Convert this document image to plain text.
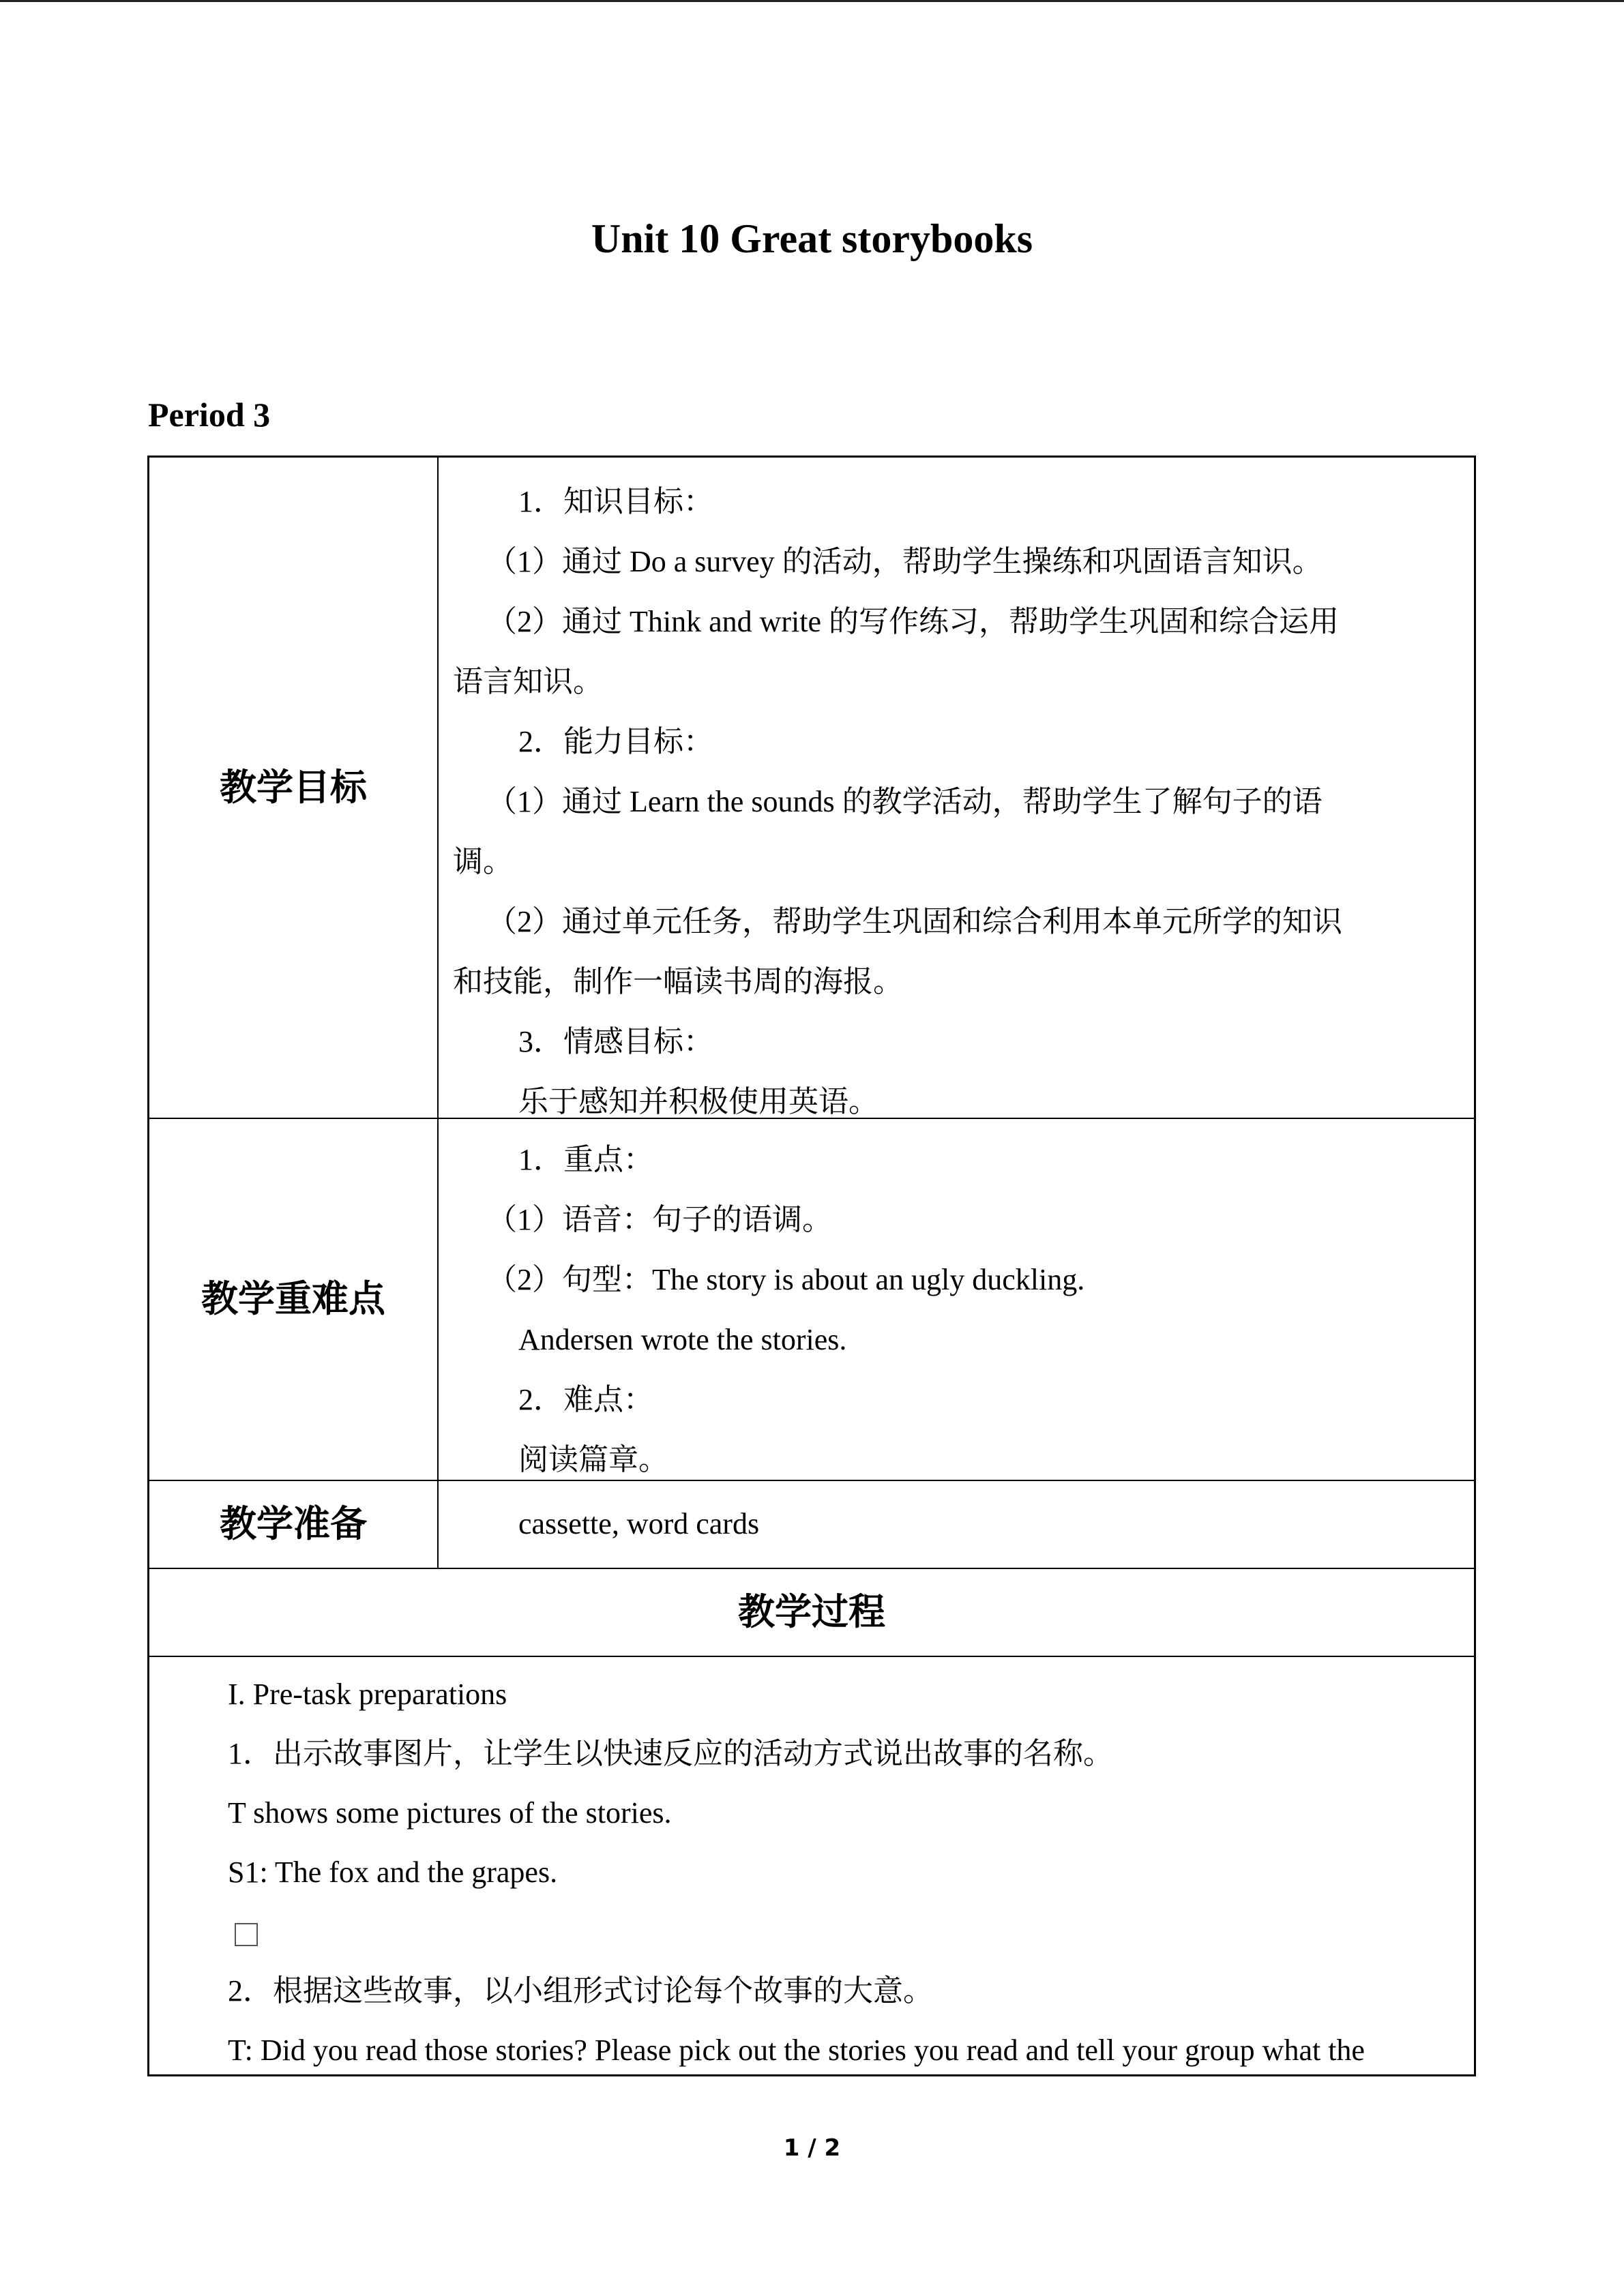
Unit 10 Great storybooks
Period 3
教学目标
1．知识目标：
（1）通过 Do a survey 的活动，帮助学生操练和巩固语言知识。
（2）通过 Think and write 的写作练习，帮助学生巩固和综合运用
语言知识。
2．能力目标：
（1）通过 Learn the sounds 的教学活动，帮助学生了解句子的语
调。
（2）通过单元任务，帮助学生巩固和综合利用本单元所学的知识
和技能，制作一幅读书周的海报。
3．情感目标：
乐于感知并积极使用英语。
教学重难点
1．重点：
（1）语音：句子的语调。
（2）句型：The story is about an ugly duckling.
Andersen wrote the stories.
2．难点：
阅读篇章。
教学准备	cassette, word cards
教学过程
I. Pre-task preparations
1．出示故事图片，让学生以快速反应的活动方式说出故事的名称。
T shows some pictures of the stories.
S1: The fox and the grapes.
2．根据这些故事，以小组形式讨论每个故事的大意。
T: Did you read those stories? Please pick out the stories you read and tell your group what the
1 / 2
